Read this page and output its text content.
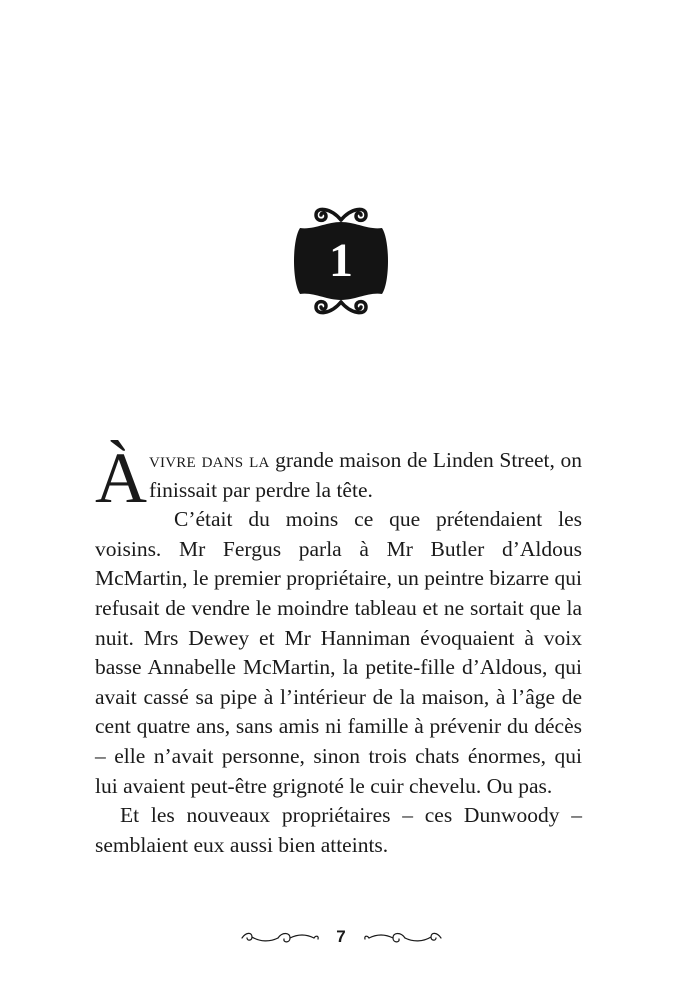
1

Àvivre dans la grande maison de Linden Street, on finissait par perdre la tête.

C’était du moins ce que prétendaient les voisins. Mr Fergus parla à Mr Butler d’Aldous McMartin, le premier propriétaire, un peintre bizarre qui refusait de vendre le moindre tableau et ne sortait que la nuit. Mrs Dewey et Mr Hanniman évoquaient à voix basse Annabelle McMartin, la petite-fille d’Aldous, qui avait cassé sa pipe à l’intérieur de la maison, à l’âge de cent quatre ans, sans amis ni famille à prévenir du décès – elle n’avait personne, sinon trois chats énormes, qui lui avaient peut-être grignoté le cuir chevelu. Ou pas.

Et les nouveaux propriétaires – ces Dunwoody – semblaient eux aussi bien atteints.

7
